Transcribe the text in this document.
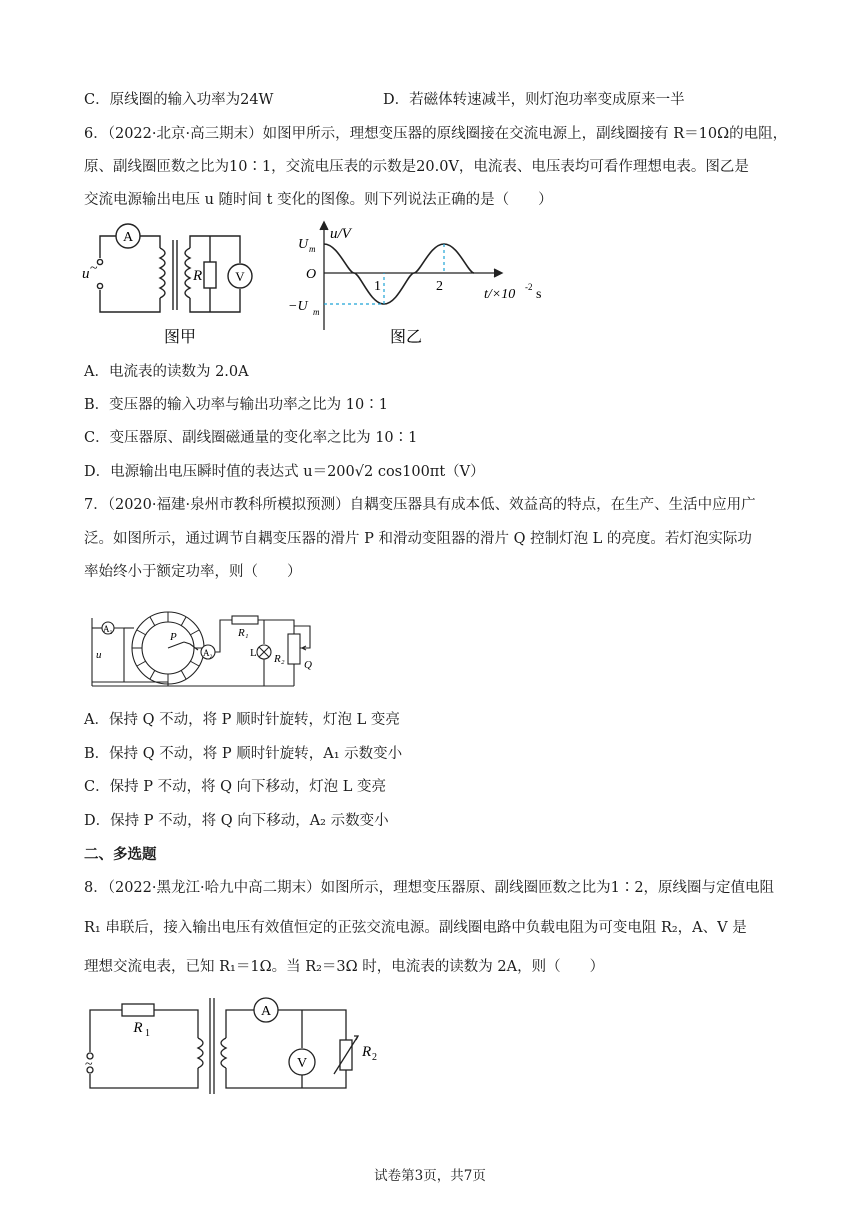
C．原线圈的输入功率为24W	D．若磁体转速减半，则灯泡功率变成原来一半
6．（2022·北京·高三期末）如图甲所示，理想变压器的原线圈接在交流电源上，副线圈接有 R＝10Ω的电阻，
原、副线圈匝数之比为10∶1，交流电压表的示数是20.0V，电流表、电压表均可看作理想电表。图乙是
交流电源输出电压 u 随时间 t 变化的图像。则下列说法正确的是（　　）
A
V
u ~	R
图甲
u/V
U m
O
−U m
1	2
t/×10 -2 s
图乙
A．电流表的读数为 2.0A
B．变压器的输入功率与输出功率之比为 10∶1
C．变压器原、副线圈磁通量的变化率之比为 10∶1
D．电源输出电压瞬时值的表达式 u＝200√2 cos100πt（V）
7．（2020·福建·泉州市教科所模拟预测）自耦变压器具有成本低、效益高的特点，在生产、生活中应用广
泛。如图所示，通过调节自耦变压器的滑片 P 和滑动变阻器的滑片 Q 控制灯泡 L 的亮度。若灯泡实际功
率始终小于额定功率，则（　　）
A₁
A₂
u
P	R₁
L R₂ Q
A．保持 Q 不动，将 P 顺时针旋转，灯泡 L 变亮
B．保持 Q 不动，将 P 顺时针旋转，A₁ 示数变小
C．保持 P 不动，将 Q 向下移动，灯泡 L 变亮
D．保持 P 不动，将 Q 向下移动，A₂ 示数变小
二、多选题
8．（2022·黑龙江·哈九中高二期末）如图所示，理想变压器原、副线圈匝数之比为1∶2，原线圈与定值电阻
R₁ 串联后，接入输出电压有效值恒定的正弦交流电源。副线圈电路中负载电阻为可变电阻 R₂，A、V 是
理想交流电表，已知 R₁＝1Ω。当 R₂＝3Ω 时，电流表的读数为 2A，则（　　）
R 1
A
V
R 2
~
试卷第3页，共7页
